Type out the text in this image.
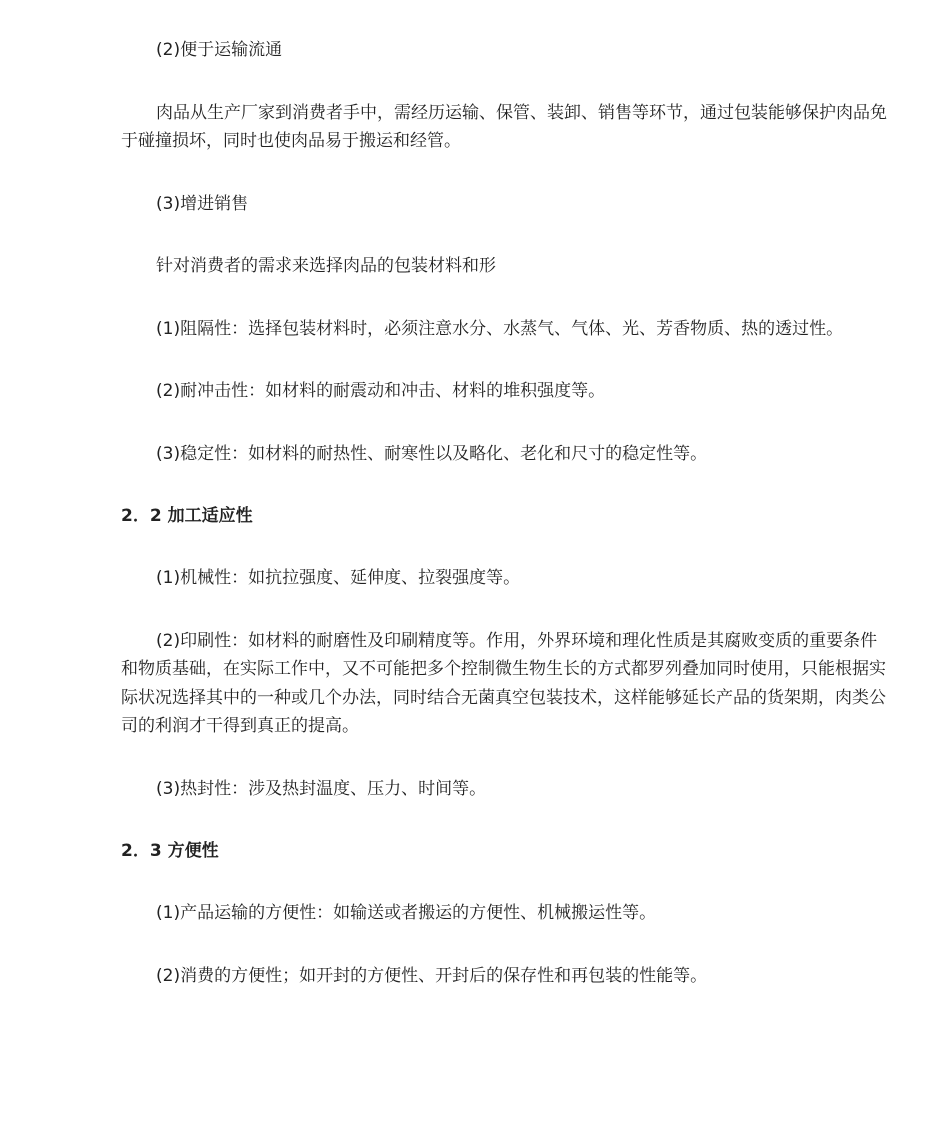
(2)便于运输流通

肉品从生产厂家到消费者手中，需经历运输、保管、装卸、销售等环节，通过包装能够保护肉品免于碰撞损坏，同时也使肉品易于搬运和经管。

(3)增进销售

针对消费者的需求来选择肉品的包装材料和形

(1)阻隔性：选择包装材料时，必须注意水分、水蒸气、气体、光、芳香物质、热的透过性。

(2)耐冲击性：如材料的耐震动和冲击、材料的堆积强度等。

(3)稳定性：如材料的耐热性、耐寒性以及略化、老化和尺寸的稳定性等。

2．2 加工适应性

(1)机械性：如抗拉强度、延伸度、拉裂强度等。

(2)印刷性：如材料的耐磨性及印刷精度等。作用，外界环境和理化性质是其腐败变质的重要条件和物质基础，在实际工作中，又不可能把多个控制微生物生长的方式都罗列叠加同时使用，只能根据实际状况选择其中的一种或几个办法，同时结合无菌真空包装技术，这样能够延长产品的货架期，肉类公司的利润才干得到真正的提高。

(3)热封性：涉及热封温度、压力、时间等。

2．3 方便性

(1)产品运输的方便性：如输送或者搬运的方便性、机械搬运性等。

(2)消费的方便性；如开封的方便性、开封后的保存性和再包装的性能等。
